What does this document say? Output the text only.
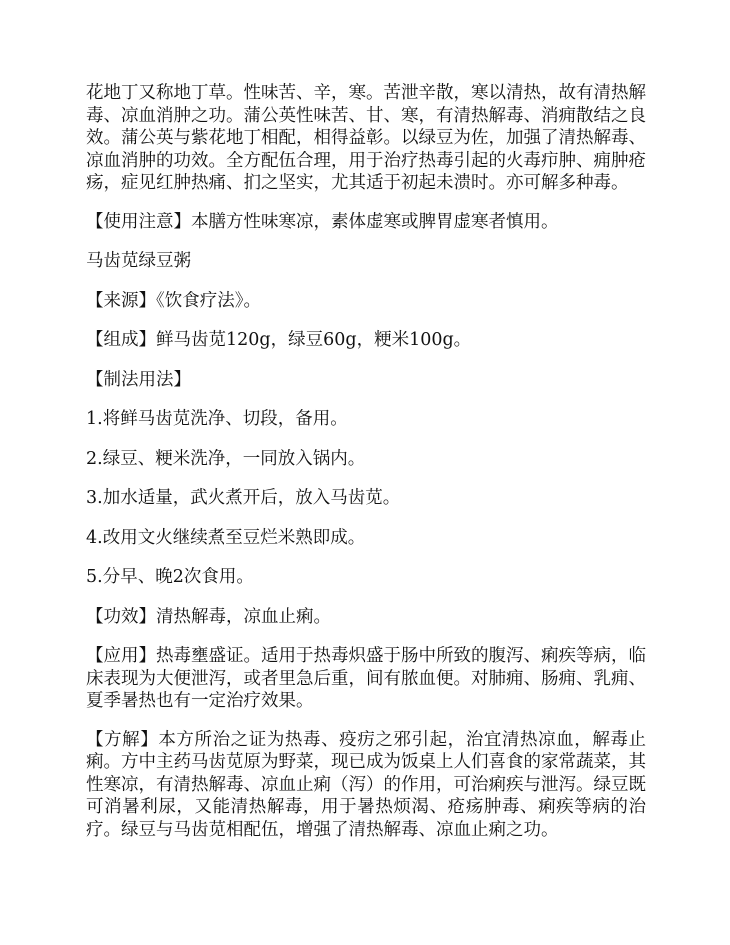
花地丁又称地丁草。性味苦、辛，寒。苦泄辛散，寒以清热，故有清热解毒、凉血消肿之功。蒲公英性味苦、甘、寒，有清热解毒、消痈散结之良效。蒲公英与紫花地丁相配，相得益彰。以绿豆为佐，加强了清热解毒、凉血消肿的功效。全方配伍合理，用于治疗热毒引起的火毒疖肿、痈肿疮疡，症见红肿热痛、扪之坚实，尤其适于初起未溃时。亦可解多种毒。

【使用注意】本膳方性味寒凉，素体虚寒或脾胃虚寒者慎用。

马齿苋绿豆粥

【来源】《饮食疗法》。

【组成】鲜马齿苋120g，绿豆60g，粳米100g。

【制法用法】

1.将鲜马齿苋洗净、切段，备用。

2.绿豆、粳米洗净，一同放入锅内。

3.加水适量，武火煮开后，放入马齿苋。

4.改用文火继续煮至豆烂米熟即成。

5.分早、晚2次食用。

【功效】清热解毒，凉血止痢。

【应用】热毒壅盛证。适用于热毒炽盛于肠中所致的腹泻、痢疾等病，临床表现为大便泄泻，或者里急后重，间有脓血便。对肺痈、肠痈、乳痈、夏季暑热也有一定治疗效果。

【方解】本方所治之证为热毒、疫疠之邪引起，治宜清热凉血，解毒止痢。方中主药马齿苋原为野菜，现已成为饭桌上人们喜食的家常蔬菜，其性寒凉，有清热解毒、凉血止痢（泻）的作用，可治痢疾与泄泻。绿豆既可消暑利尿，又能清热解毒，用于暑热烦渴、疮疡肿毒、痢疾等病的治疗。绿豆与马齿苋相配伍，增强了清热解毒、凉血止痢之功。
